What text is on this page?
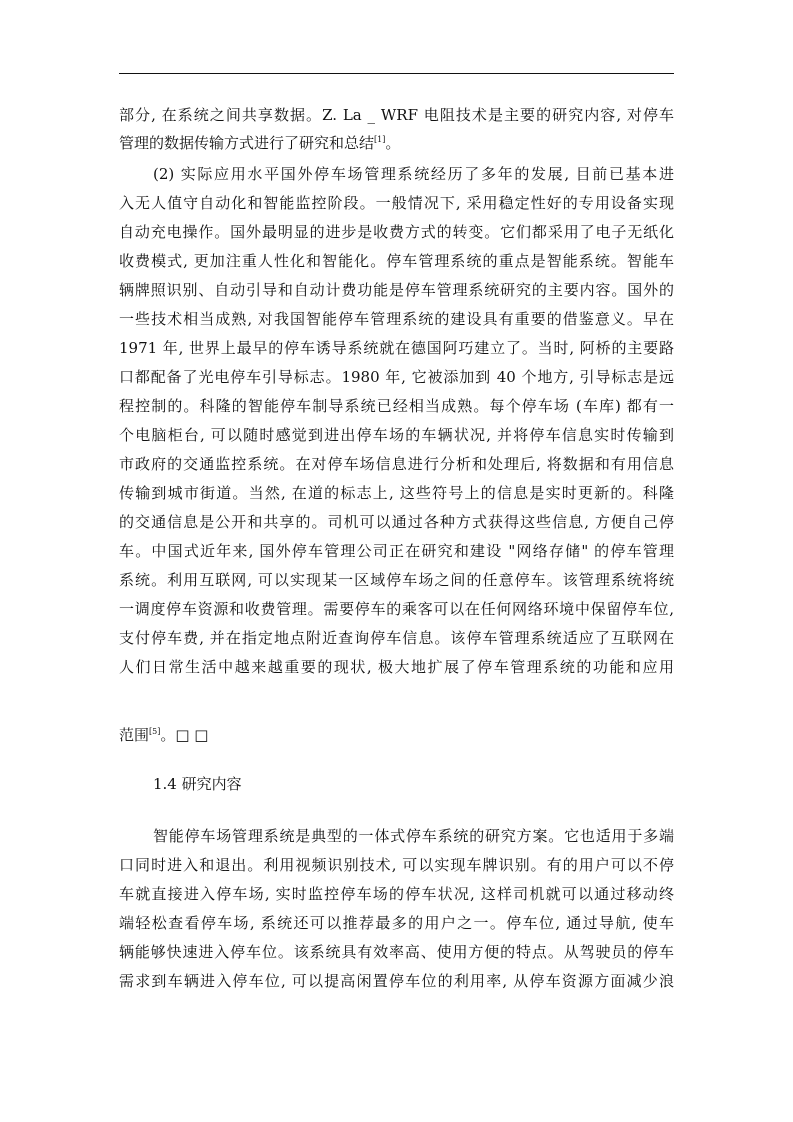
部分, 在系统之间共享数据。Z. La _ WRF 电阻技术是主要的研究内容, 对停车
管理的数据传输方式进行了研究和总结[1]。
(2) 实际应用水平国外停车场管理系统经历了多年的发展, 目前已基本进
入无人值守自动化和智能监控阶段。一般情况下, 采用稳定性好的专用设备实现
自动充电操作。国外最明显的进步是收费方式的转变。它们都采用了电子无纸化
收费模式, 更加注重人性化和智能化。停车管理系统的重点是智能系统。智能车
辆牌照识别、自动引导和自动计费功能是停车管理系统研究的主要内容。国外的
一些技术相当成熟, 对我国智能停车管理系统的建设具有重要的借鉴意义。早在
1971 年, 世界上最早的停车诱导系统就在德国阿巧建立了。当时, 阿桥的主要路
口都配备了光电停车引导标志。1980 年, 它被添加到 40 个地方, 引导标志是远
程控制的。科隆的智能停车制导系统已经相当成熟。每个停车场 (车库) 都有一
个电脑柜台, 可以随时感觉到进出停车场的车辆状况, 并将停车信息实时传输到
市政府的交通监控系统。在对停车场信息进行分析和处理后, 将数据和有用信息
传输到城市街道。当然, 在道的标志上, 这些符号上的信息是实时更新的。科隆
的交通信息是公开和共享的。司机可以通过各种方式获得这些信息, 方便自己停
车。中国式近年来, 国外停车管理公司正在研究和建设 "网络存储" 的停车管理
系统。利用互联网, 可以实现某一区域停车场之间的任意停车。该管理系统将统
一调度停车资源和收费管理。需要停车的乘客可以在任何网络环境中保留停车位,
支付停车费, 并在指定地点附近查询停车信息。该停车管理系统适应了互联网在
人们日常生活中越来越重要的现状, 极大地扩展了停车管理系统的功能和应用
范围[5]。□ □
1.4 研究内容
智能停车场管理系统是典型的一体式停车系统的研究方案。它也适用于多端
口同时进入和退出。利用视频识别技术, 可以实现车牌识别。有的用户可以不停
车就直接进入停车场, 实时监控停车场的停车状况, 这样司机就可以通过移动终
端轻松查看停车场, 系统还可以推荐最多的用户之一。停车位, 通过导航, 使车
辆能够快速进入停车位。该系统具有效率高、使用方便的特点。从驾驶员的停车
需求到车辆进入停车位, 可以提高闲置停车位的利用率, 从停车资源方面减少浪
